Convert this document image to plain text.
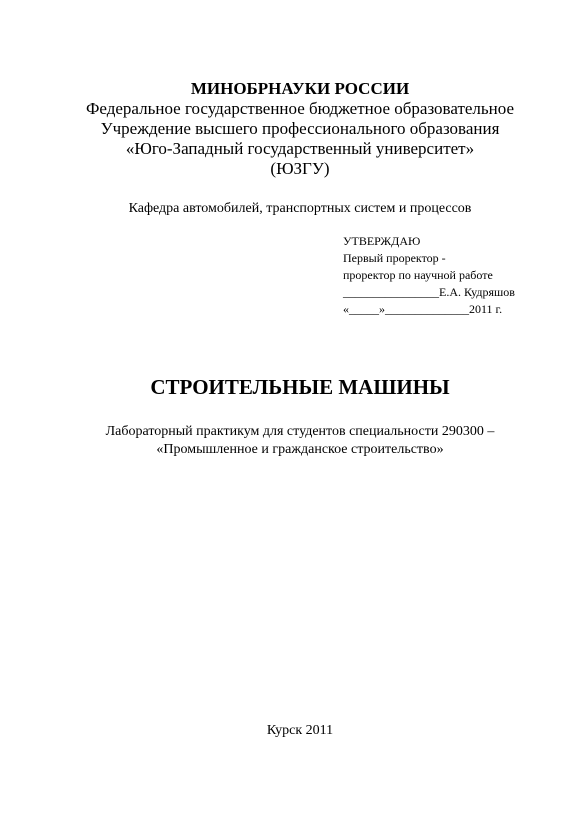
МИНОБРНАУКИ РОССИИ

Федеральное государственное бюджетное образовательное

Учреждение высшего профессионального образования

«Юго-Западный государственный университет»

(ЮЗГУ)

Кафедра автомобилей, транспортных систем и процессов
УТВЕРЖДАЮ
Первый проректор -
проректор по научной работе
________________Е.А. Кудряшов
«_____»______________2011 г.
СТРОИТЕЛЬНЫЕ МАШИНЫ
Лабораторный практикум для студентов специальности 290300 –
«Промышленное и гражданское строительство»
Курск 2011
